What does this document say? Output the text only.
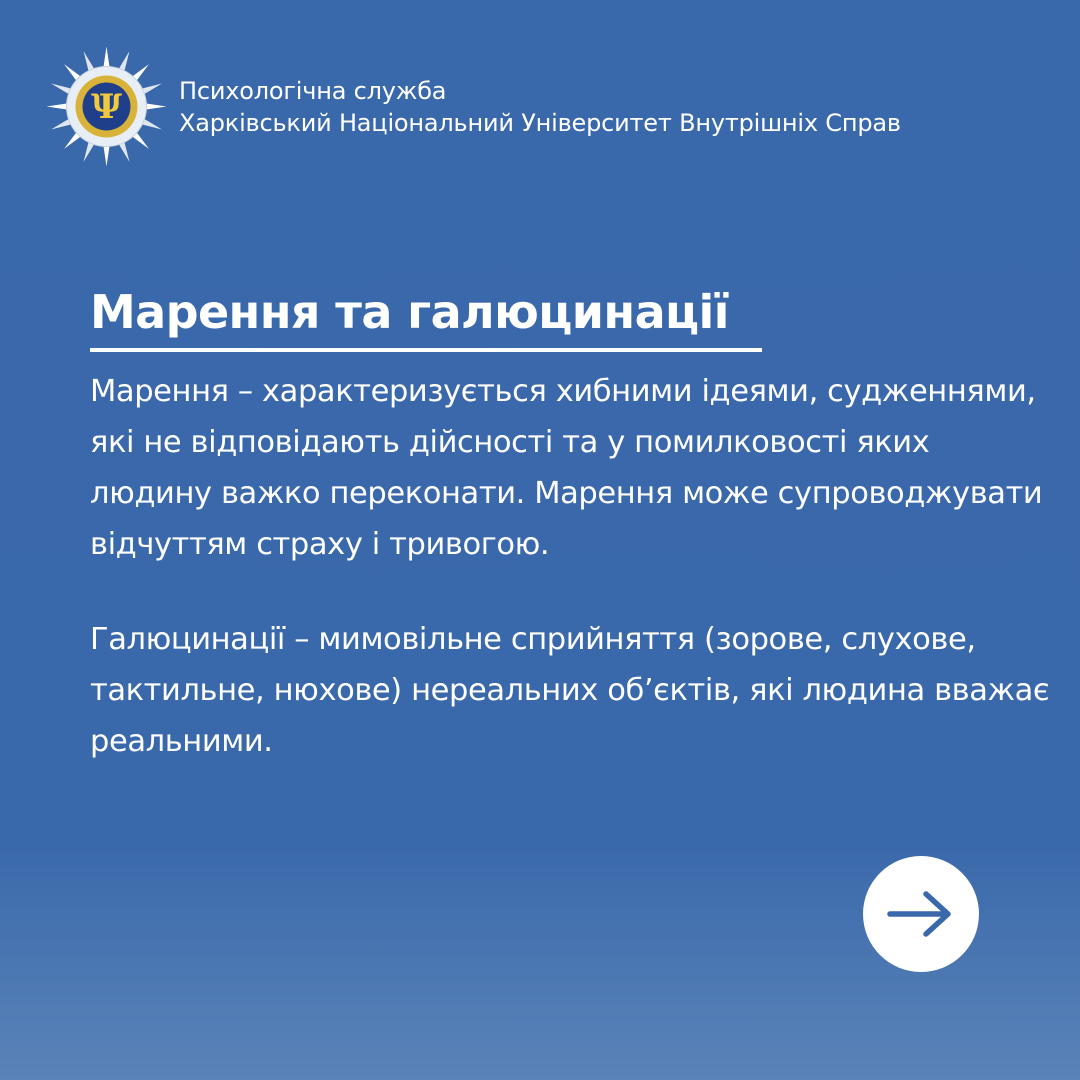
Ψ Психологічна служба
Харківський Національний Університет Внутрішніх Справ
Марення та галюцинації

Марення – характеризується хибними ідеями, судженнями, які не відповідають дійсності та у помилковості яких людину важко переконати. Марення може супроводжувати відчуттям страху і тривогою.

Галюцинації – мимовільне сприйняття (зорове, слухове, тактильне, нюхове) нереальних об’єктів, які людина вважає реальними.
